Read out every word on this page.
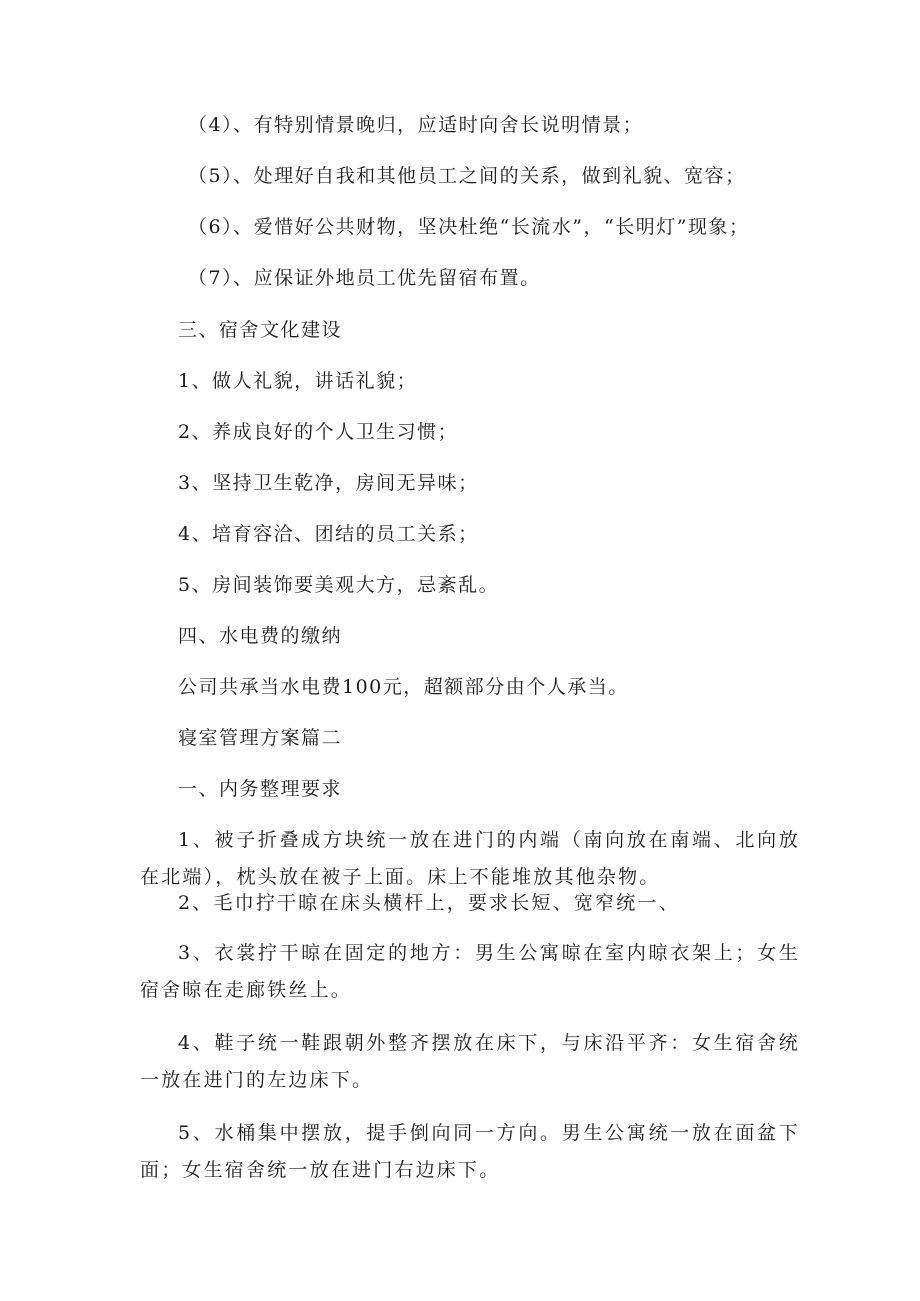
（4）、有特别情景晚归，应适时向舍长说明情景；
（5）、处理好自我和其他员工之间的关系，做到礼貌、宽容；
（6）、爱惜好公共财物，坚决杜绝“长流水”，“长明灯”现象；
（7）、应保证外地员工优先留宿布置。
三、宿舍文化建设
1、做人礼貌，讲话礼貌；
2、养成良好的个人卫生习惯；
3、坚持卫生乾净，房间无异味；
4、培育容洽、团结的员工关系；
5、房间装饰要美观大方，忌紊乱。
四、水电费的缴纳
公司共承当水电费100元，超额部分由个人承当。
寝室管理方案篇二
一、内务整理要求
1、被子折叠成方块统一放在进门的内端（南向放在南端、北向放在北端），枕头放在被子上面。床上不能堆放其他杂物。
2、毛巾拧干晾在床头横杆上，要求长短、宽窄统一、
3、衣裳拧干晾在固定的地方：男生公寓晾在室内晾衣架上；女生宿舍晾在走廊铁丝上。
4、鞋子统一鞋跟朝外整齐摆放在床下，与床沿平齐：女生宿舍统一放在进门的左边床下。
5、水桶集中摆放，提手倒向同一方向。男生公寓统一放在面盆下面；女生宿舍统一放在进门右边床下。
